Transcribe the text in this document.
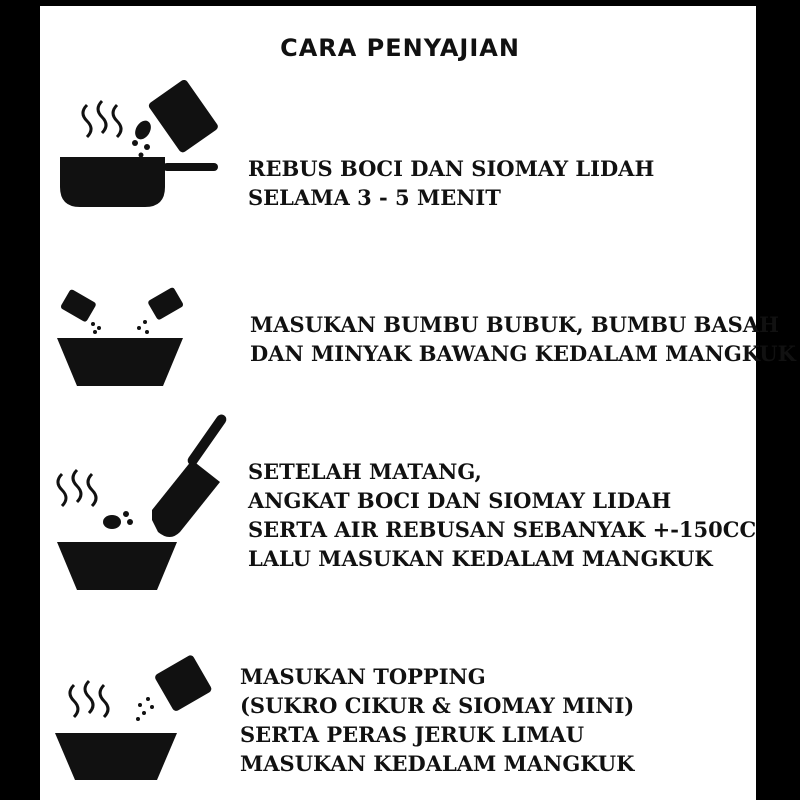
CARA PENYAJIAN
REBUS BOCI DAN SIOMAY LIDAH
SELAMA 3 - 5 MENIT
MASUKAN BUMBU BUBUK, BUMBU BASAH
DAN MINYAK BAWANG KEDALAM MANGKUK
SETELAH MATANG,
ANGKAT BOCI DAN SIOMAY LIDAH
SERTA AIR REBUSAN SEBANYAK +-150CC
LALU MASUKAN KEDALAM MANGKUK
MASUKAN TOPPING
(SUKRO CIKUR & SIOMAY MINI)
SERTA PERAS JERUK LIMAU
MASUKAN KEDALAM MANGKUK
